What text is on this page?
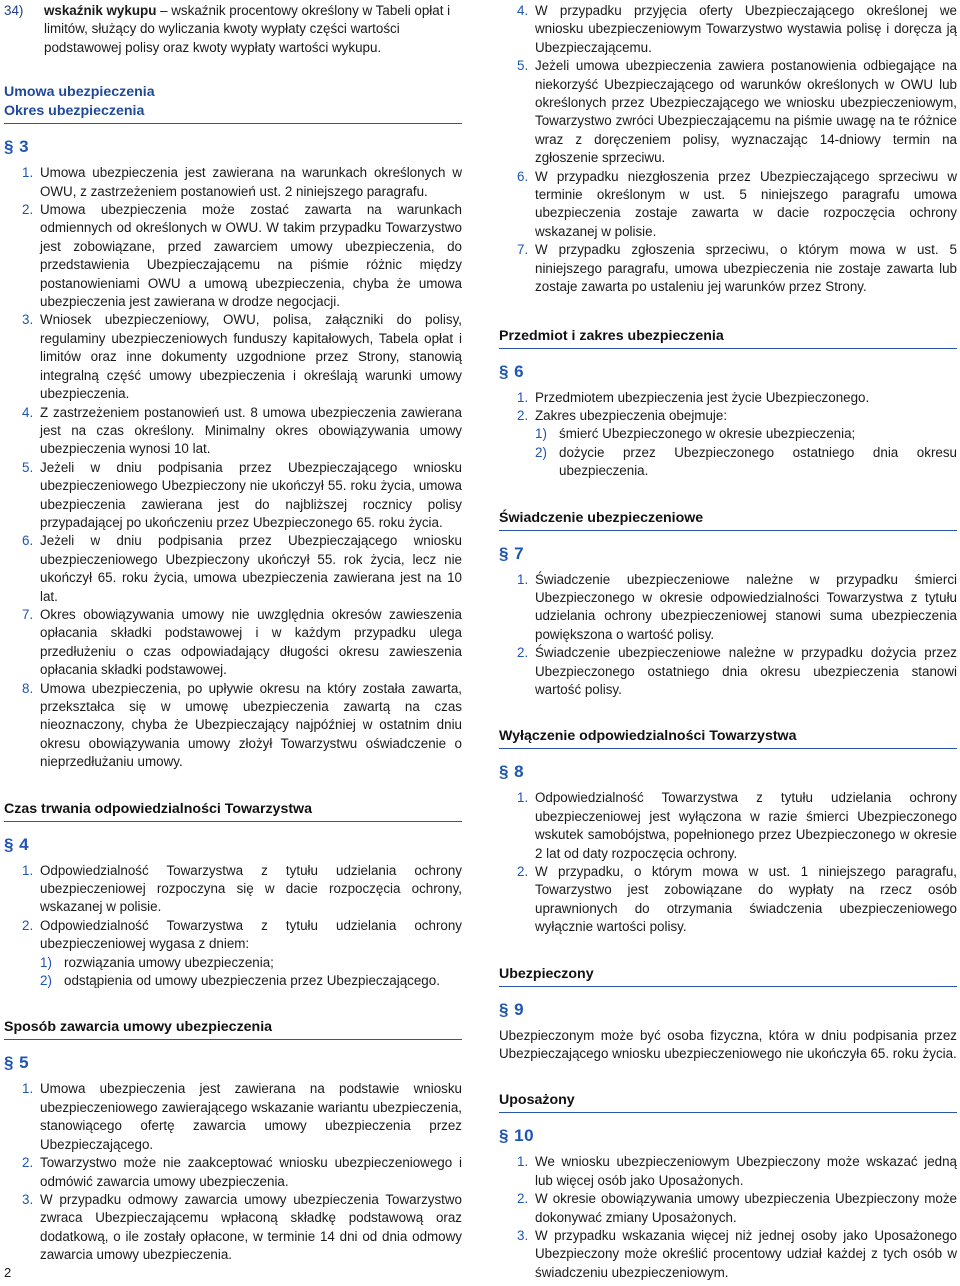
34)	wskaźnik wykupu – wskaźnik procentowy określony w Tabeli opłat i limitów, służący do wyliczania kwoty wypłaty części wartości podstawowej polisy oraz kwoty wypłaty wartości wykupu.
Umowa ubezpieczenia
Okres ubezpieczenia
§ 3
1. Umowa ubezpieczenia jest zawierana na warunkach określonych w OWU, z zastrzeżeniem postanowień ust. 2 niniejszego paragrafu.
2. Umowa ubezpieczenia może zostać zawarta na warunkach odmiennych od określonych w OWU. W takim przypadku Towarzystwo jest zobowiązane, przed zawarciem umowy ubezpieczenia, do przedstawienia Ubezpieczającemu na piśmie różnic między postanowieniami OWU a umową ubezpieczenia, chyba że umowa ubezpieczenia jest zawierana w drodze negocjacji.
3. Wniosek ubezpieczeniowy, OWU, polisa, załączniki do polisy, regulaminy ubezpieczeniowych funduszy kapitałowych, Tabela opłat i limitów oraz inne dokumenty uzgodnione przez Strony, stanowią integralną część umowy ubezpieczenia i określają warunki umowy ubezpieczenia.
4. Z zastrzeżeniem postanowień ust. 8 umowa ubezpieczenia zawierana jest na czas określony. Minimalny okres obowiązywania umowy ubezpieczenia wynosi 10 lat.
5. Jeżeli w dniu podpisania przez Ubezpieczającego wniosku ubezpieczeniowego Ubezpieczony nie ukończył 55. roku życia, umowa ubezpieczenia zawierana jest do najbliższej rocznicy polisy przypadającej po ukończeniu przez Ubezpieczonego 65. roku życia.
6. Jeżeli w dniu podpisania przez Ubezpieczającego wniosku ubezpieczeniowego Ubezpieczony ukończył 55. rok życia, lecz nie ukończył 65. roku życia, umowa ubezpieczenia zawierana jest na 10 lat.
7. Okres obowiązywania umowy nie uwzględnia okresów zawieszenia opłacania składki podstawowej i w każdym przypadku ulega przedłużeniu o czas odpowiadający długości okresu zawieszenia opłacania składki podstawowej.
8. Umowa ubezpieczenia, po upływie okresu na który została zawarta, przekształca się w umowę ubezpieczenia zawartą na czas nieoznaczony, chyba że Ubezpieczający najpóźniej w ostatnim dniu okresu obowiązywania umowy złożył Towarzystwu oświadczenie o nieprzedłużaniu umowy.
Czas trwania odpowiedzialności Towarzystwa
§ 4
1. Odpowiedzialność Towarzystwa z tytułu udzielania ochrony ubezpieczeniowej rozpoczyna się w dacie rozpoczęcia ochrony, wskazanej w polisie.
2. Odpowiedzialność Towarzystwa z tytułu udzielania ochrony ubezpieczeniowej wygasa z dniem:
1) rozwiązania umowy ubezpieczenia;
2) odstąpienia od umowy ubezpieczenia przez Ubezpieczającego.
Sposób zawarcia umowy ubezpieczenia
§ 5
1. Umowa ubezpieczenia jest zawierana na podstawie wniosku ubezpieczeniowego zawierającego wskazanie wariantu ubezpieczenia, stanowiącego ofertę zawarcia umowy ubezpieczenia przez Ubezpieczającego.
2. Towarzystwo może nie zaakceptować wniosku ubezpieczeniowego i odmówić zawarcia umowy ubezpieczenia.
3. W przypadku odmowy zawarcia umowy ubezpieczenia Towarzystwo zwraca Ubezpieczającemu wpłaconą składkę podstawową oraz dodatkową, o ile zostały opłacone, w terminie 14 dni od dnia odmowy zawarcia umowy ubezpieczenia.
4. W przypadku przyjęcia oferty Ubezpieczającego określonej we wniosku ubezpieczeniowym Towarzystwo wystawia polisę i doręcza ją Ubezpieczającemu.
5. Jeżeli umowa ubezpieczenia zawiera postanowienia odbiegające na niekorzyść Ubezpieczającego od warunków określonych w OWU lub określonych przez Ubezpieczającego we wniosku ubezpieczeniowym, Towarzystwo zwróci Ubezpieczającemu na piśmie uwagę na te różnice wraz z doręczeniem polisy, wyznaczając 14-dniowy termin na zgłoszenie sprzeciwu.
6. W przypadku niezgłoszenia przez Ubezpieczającego sprzeciwu w terminie określonym w ust. 5 niniejszego paragrafu umowa ubezpieczenia zostaje zawarta w dacie rozpoczęcia ochrony wskazanej w polisie.
7. W przypadku zgłoszenia sprzeciwu, o którym mowa w ust. 5 niniejszego paragrafu, umowa ubezpieczenia nie zostaje zawarta lub zostaje zawarta po ustaleniu jej warunków przez Strony.
Przedmiot i zakres ubezpieczenia
§ 6
1. Przedmiotem ubezpieczenia jest życie Ubezpieczonego.
2. Zakres ubezpieczenia obejmuje:
1) śmierć Ubezpieczonego w okresie ubezpieczenia;
2) dożycie przez Ubezpieczonego ostatniego dnia okresu ubezpieczenia.
Świadczenie ubezpieczeniowe
§ 7
1. Świadczenie ubezpieczeniowe należne w przypadku śmierci Ubezpieczonego w okresie odpowiedzialności Towarzystwa z tytułu udzielania ochrony ubezpieczeniowej stanowi suma ubezpieczenia powiększona o wartość polisy.
2. Świadczenie ubezpieczeniowe należne w przypadku dożycia przez Ubezpieczonego ostatniego dnia okresu ubezpieczenia stanowi wartość polisy.
Wyłączenie odpowiedzialności Towarzystwa
§ 8
1. Odpowiedzialność Towarzystwa z tytułu udzielania ochrony ubezpieczeniowej jest wyłączona w razie śmierci Ubezpieczonego wskutek samobójstwa, popełnionego przez Ubezpieczonego w okresie 2 lat od daty rozpoczęcia ochrony.
2. W przypadku, o którym mowa w ust. 1 niniejszego paragrafu, Towarzystwo jest zobowiązane do wypłaty na rzecz osób uprawnionych do otrzymania świadczenia ubezpieczeniowego wyłącznie wartości polisy.
Ubezpieczony
§ 9
Ubezpieczonym może być osoba fizyczna, która w dniu podpisania przez Ubezpieczającego wniosku ubezpieczeniowego nie ukończyła 65. roku życia.
Uposażony
§ 10
1. We wniosku ubezpieczeniowym Ubezpieczony może wskazać jedną lub więcej osób jako Uposażonych.
2. W okresie obowiązywania umowy ubezpieczenia Ubezpieczony może dokonywać zmiany Uposażonych.
3. W przypadku wskazania więcej niż jednej osoby jako Uposażonego Ubezpieczony może określić procentowy udział każdej z tych osób w świadczeniu ubezpieczeniowym.
2
